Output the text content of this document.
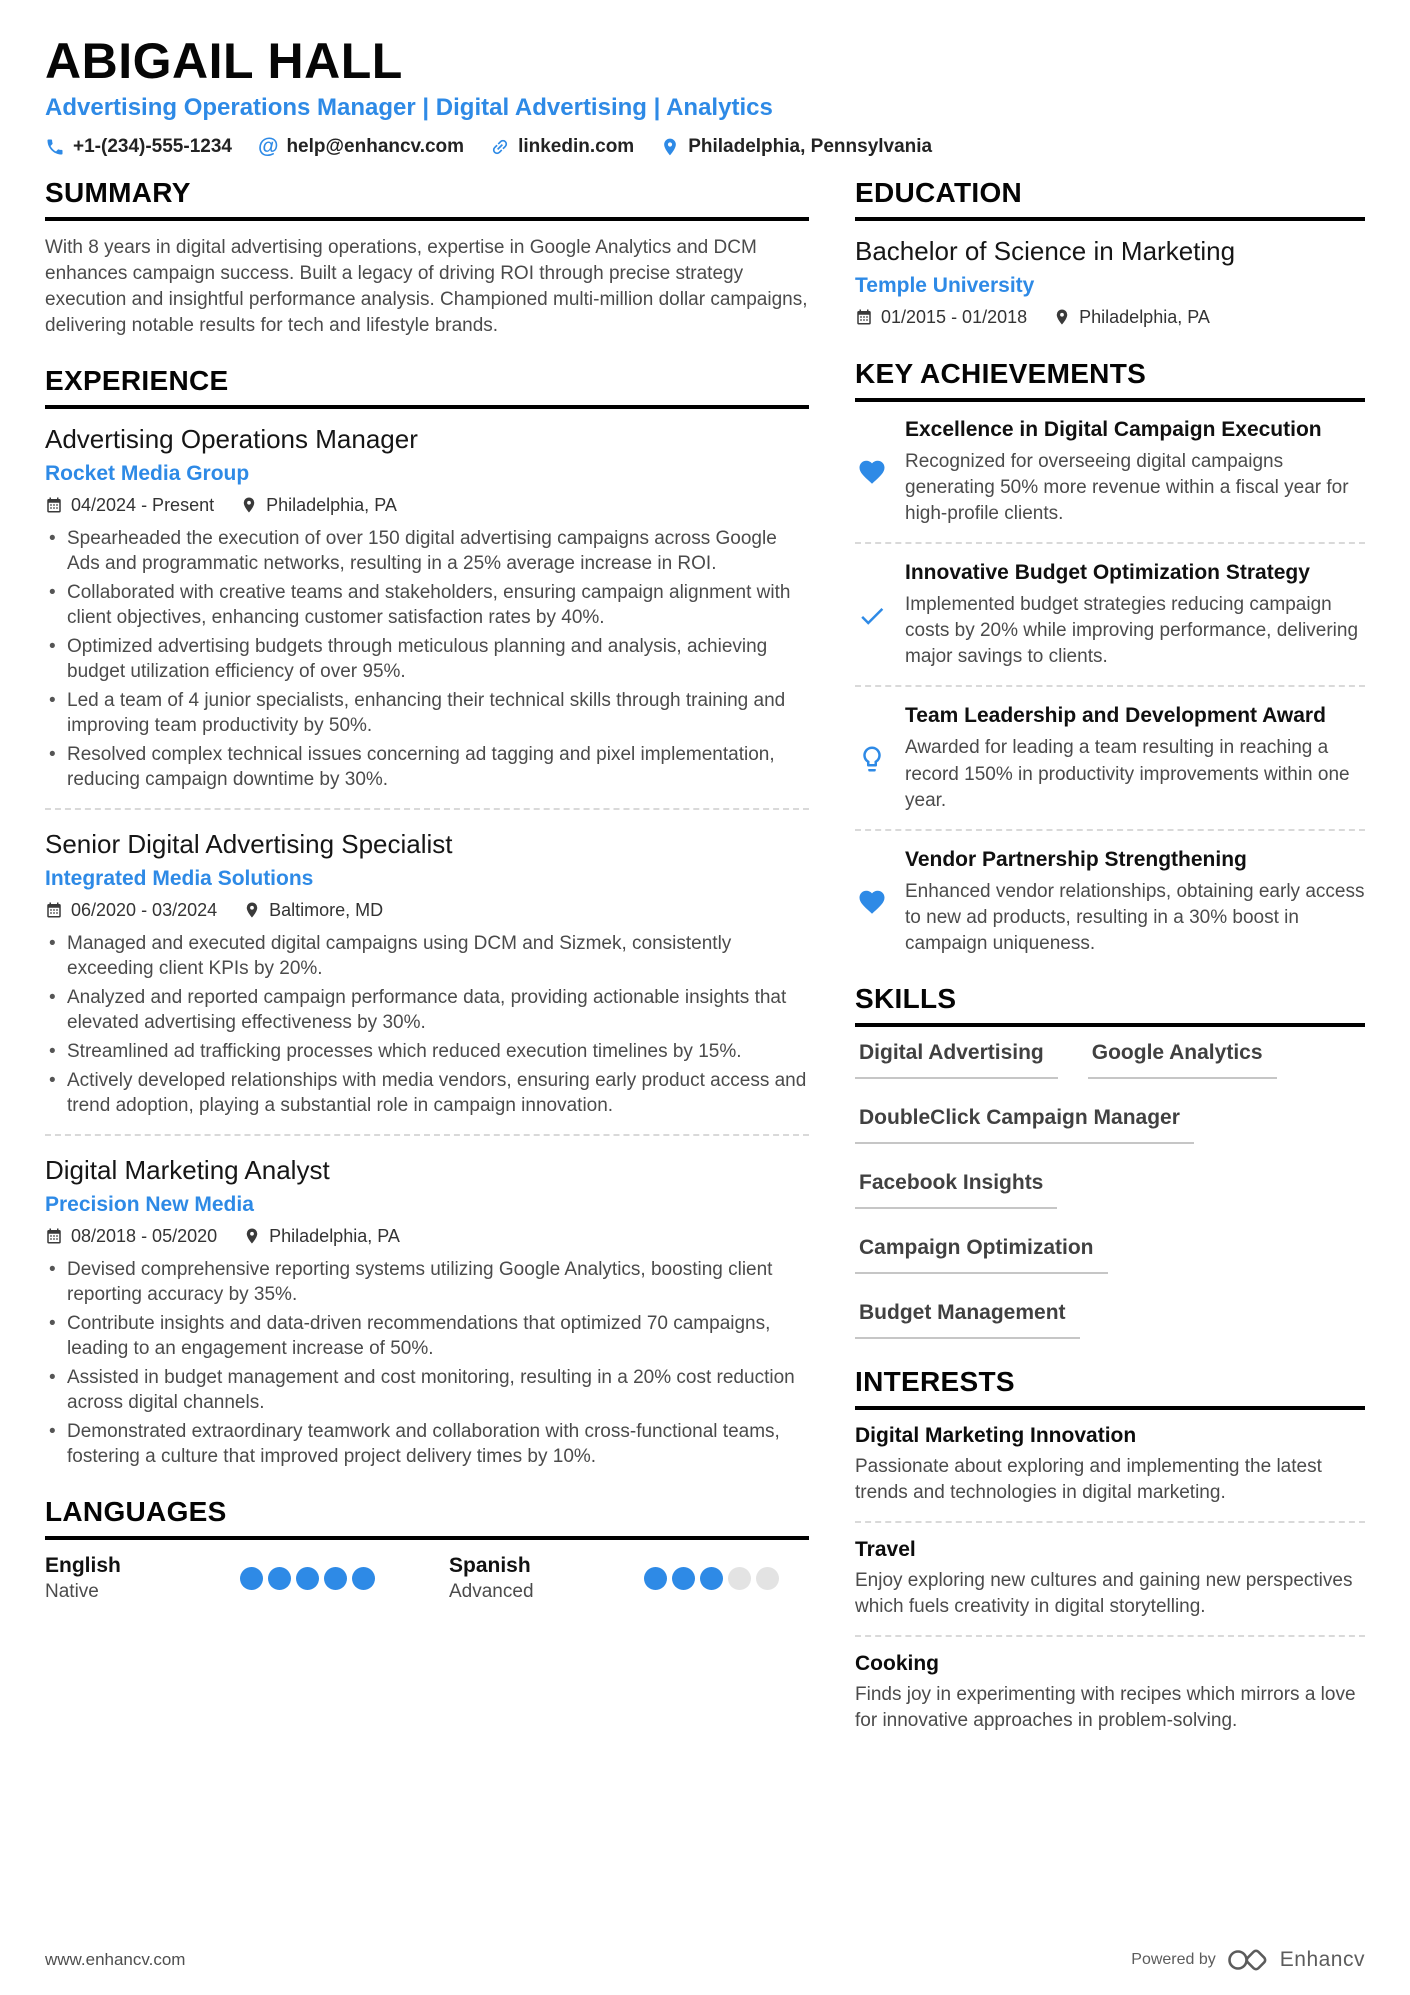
ABIGAIL HALL
Advertising Operations Manager | Digital Advertising | Analytics
+1-(234)-555-1234 @ help@enhancv.com	linkedin.com	Philadelphia, Pennsylvania
SUMMARY

With 8 years in digital advertising operations, expertise in Google Analytics and DCM enhances campaign success. Built a legacy of driving ROI through precise strategy execution and insightful performance analysis. Championed multi-million dollar campaigns, delivering notable results for tech and lifestyle brands.

EXPERIENCE
Advertising Operations Manager
Rocket Media Group
04/2024 - Present	Philadelphia, PA
• Spearheaded the execution of over 150 digital advertising campaigns across Google Ads and programmatic networks, resulting in a 25% average increase in ROI.
• Collaborated with creative teams and stakeholders, ensuring campaign alignment with client objectives, enhancing customer satisfaction rates by 40%.
• Optimized advertising budgets through meticulous planning and analysis, achieving budget utilization efficiency of over 95%.
• Led a team of 4 junior specialists, enhancing their technical skills through training and improving team productivity by 50%.
• Resolved complex technical issues concerning ad tagging and pixel implementation, reducing campaign downtime by 30%.
Senior Digital Advertising Specialist
Integrated Media Solutions
06/2020 - 03/2024	Baltimore, MD
• Managed and executed digital campaigns using DCM and Sizmek, consistently exceeding client KPIs by 20%.
• Analyzed and reported campaign performance data, providing actionable insights that elevated advertising effectiveness by 30%.
• Streamlined ad trafficking processes which reduced execution timelines by 15%.
• Actively developed relationships with media vendors, ensuring early product access and trend adoption, playing a substantial role in campaign innovation.
Digital Marketing Analyst
Precision New Media
08/2018 - 05/2020	Philadelphia, PA
• Devised comprehensive reporting systems utilizing Google Analytics, boosting client reporting accuracy by 35%.
• Contribute insights and data-driven recommendations that optimized 70 campaigns, leading to an engagement increase of 50%.
• Assisted in budget management and cost monitoring, resulting in a 20% cost reduction across digital channels.
• Demonstrated extraordinary teamwork and collaboration with cross-functional teams, fostering a culture that improved project delivery times by 10%.
LANGUAGES
English
Native
Spanish
Advanced
EDUCATION
Bachelor of Science in Marketing
Temple University
01/2015 - 01/2018	Philadelphia, PA
KEY ACHIEVEMENTS
Excellence in Digital Campaign Execution

Recognized for overseeing digital campaigns generating 50% more revenue within a fiscal year for high-profile clients.

Innovative Budget Optimization Strategy

Implemented budget strategies reducing campaign costs by 20% while improving performance, delivering major savings to clients.

Team Leadership and Development Award

Awarded for leading a team resulting in reaching a record 150% in productivity improvements within one year.

Vendor Partnership Strengthening

Enhanced vendor relationships, obtaining early access to new ad products, resulting in a 30% boost in campaign uniqueness.

SKILLS
Digital Advertising	Google Analytics
DoubleClick Campaign Manager
Facebook Insights
Campaign Optimization
Budget Management
INTERESTS
Digital Marketing Innovation

Passionate about exploring and implementing the latest trends and technologies in digital marketing.

Travel

Enjoy exploring new cultures and gaining new perspectives which fuels creativity in digital storytelling.

Cooking

Finds joy in experimenting with recipes which mirrors a love for innovative approaches in problem-solving.

www.enhancv.com	Powered by	Enhancv
